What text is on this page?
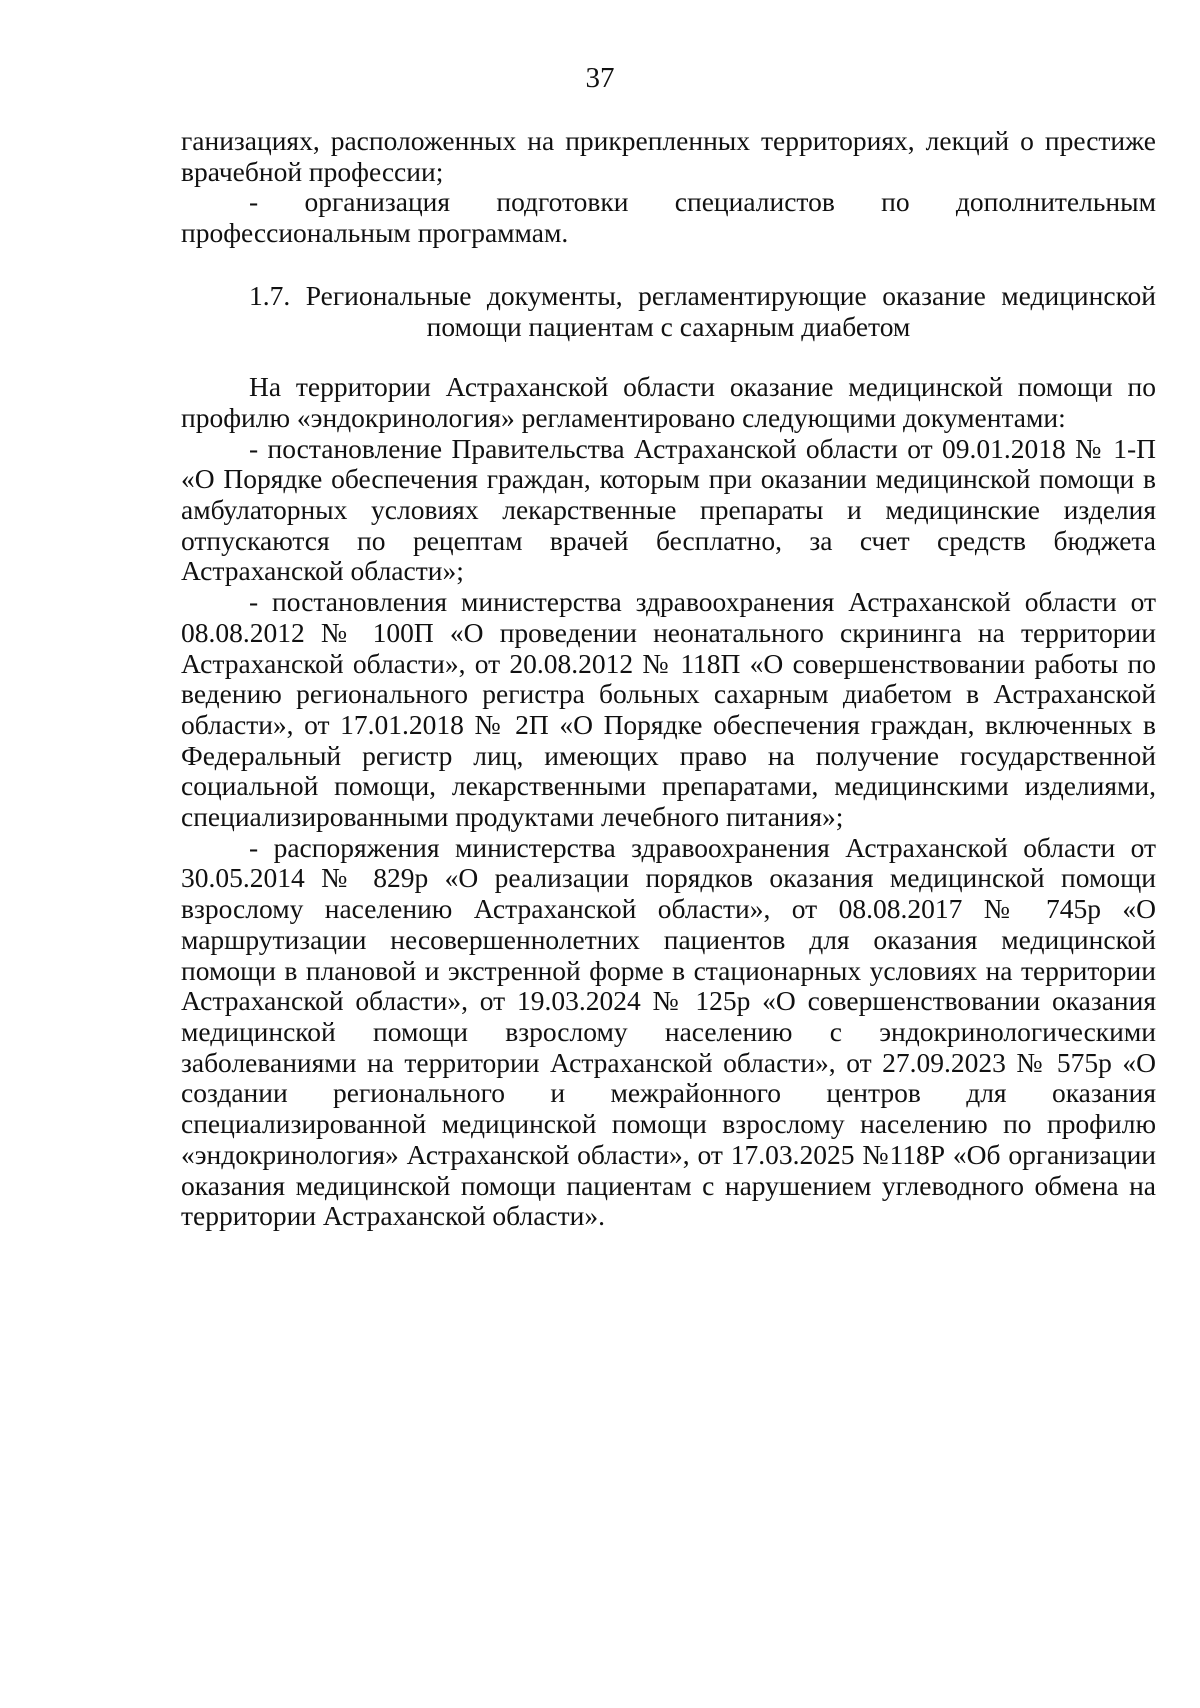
37

ганизациях, расположенных на прикрепленных территориях, лекций о престиже врачебной профессии;

- организация подготовки специалистов по дополнительным профессиональным программам.

1.7. Региональные документы, регламентирующие оказание медицинской помощи пациентам с сахарным диабетом

На территории Астраханской области оказание медицинской помощи по профилю «эндокринология» регламентировано следующими документами:

- постановление Правительства Астраханской области от 09.01.2018 № 1-П «О Порядке обеспечения граждан, которым при оказании медицинской помощи в амбулаторных условиях лекарственные препараты и медицинские изделия отпускаются по рецептам врачей бесплатно, за счет средств бюджета Астраханской области»;

- постановления министерства здравоохранения Астраханской области от 08.08.2012 № 100П «О проведении неонатального скрининга на территории Астраханской области», от 20.08.2012 № 118П «О совершенствовании работы по ведению регионального регистра больных сахарным диабетом в Астраханской области», от 17.01.2018 № 2П «О Порядке обеспечения граждан, включенных в Федеральный регистр лиц, имеющих право на получение государственной социальной помощи, лекарственными препаратами, медицинскими изделиями, специализированными продуктами лечебного питания»;

- распоряжения министерства здравоохранения Астраханской области от 30.05.2014 № 829р «О реализации порядков оказания медицинской помощи взрослому населению Астраханской области», от 08.08.2017 № 745р «О маршрутизации несовершеннолетних пациентов для оказания медицинской помощи в плановой и экстренной форме в стационарных условиях на территории Астраханской области», от 19.03.2024 № 125р «О совершенствовании оказания медицинской помощи взрослому населению с эндокринологическими заболеваниями на территории Астраханской области», от 27.09.2023 № 575р «О создании регионального и межрайонного центров для оказания специализированной медицинской помощи взрослому населению по профилю «эндокринология» Астраханской области», от 17.03.2025 №118Р «Об организации оказания медицинской помощи пациентам с нарушением углеводного обмена на территории Астраханской области».
